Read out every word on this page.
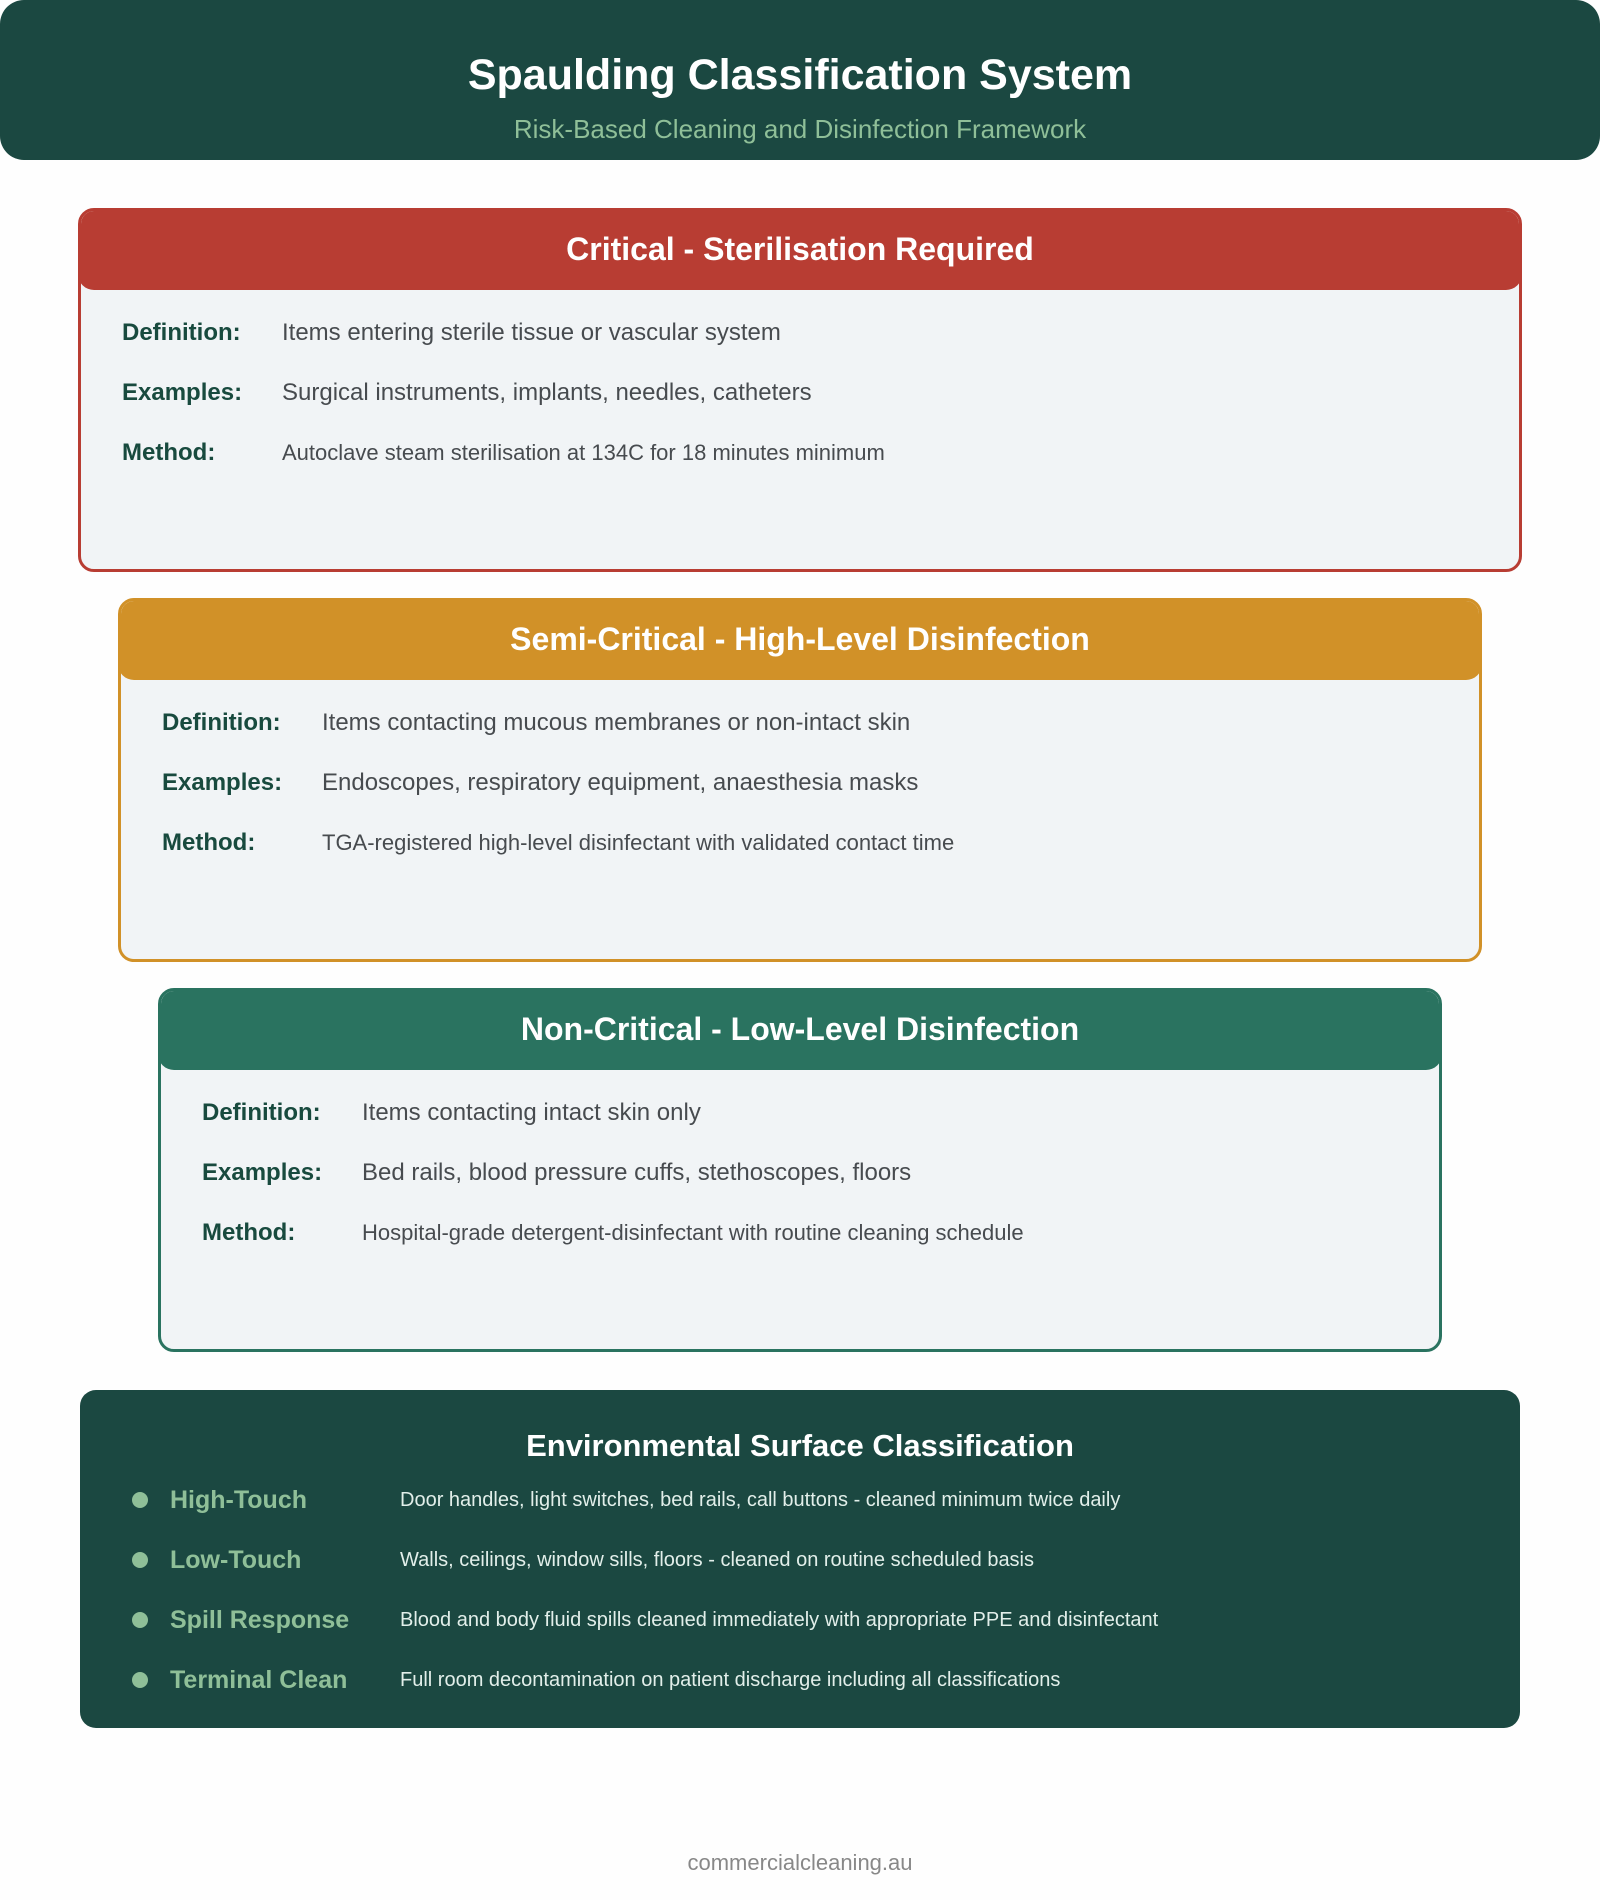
Spaulding Classification System
Risk-Based Cleaning and Disinfection Framework
Critical - Sterilisation Required
Definition:	Items entering sterile tissue or vascular system
Examples:	Surgical instruments, implants, needles, catheters
Method:	Autoclave steam sterilisation at 134C for 18 minutes minimum
Semi-Critical - High-Level Disinfection
Definition:	Items contacting mucous membranes or non-intact skin
Examples:	Endoscopes, respiratory equipment, anaesthesia masks
Method:	TGA-registered high-level disinfectant with validated contact time
Non-Critical - Low-Level Disinfection
Definition:	Items contacting intact skin only
Examples:	Bed rails, blood pressure cuffs, stethoscopes, floors
Method:	Hospital-grade detergent-disinfectant with routine cleaning schedule
Environmental Surface Classification
High-Touch	Door handles, light switches, bed rails, call buttons - cleaned minimum twice daily
Low-Touch	Walls, ceilings, window sills, floors - cleaned on routine scheduled basis
Spill Response	Blood and body fluid spills cleaned immediately with appropriate PPE and disinfectant
Terminal Clean	Full room decontamination on patient discharge including all classifications
commercialcleaning.au
